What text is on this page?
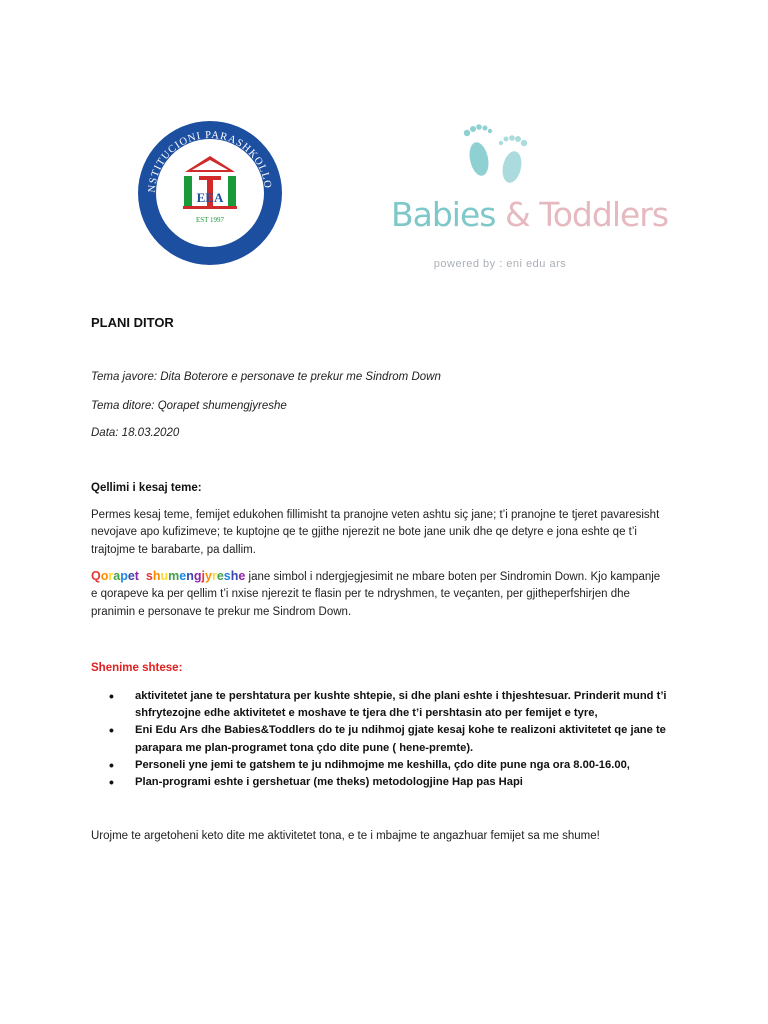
NSTITUCIONI PARASHKOLLO
-PRISHTINE-
EEA
EST 1997	Babies & Toddlers
powered by : eni edu ars
PLANI DITOR
Tema javore: Dita Boterore e personave te prekur me Sindrom Down
Tema ditore: Qorapet shumengjyreshe
Data: 18.03.2020
Qellimi i kesaj teme:
Permes kesaj teme, femijet edukohen fillimisht ta pranojne veten ashtu siç jane; t’i pranojne te tjeret pavaresisht
nevojave apo kufizimeve; te kuptojne qe te gjithe njerezit ne bote jane unik dhe qe detyre e jona eshte qe t’i
trajtojme te barabarte, pa dallim.
Qorapet shumengjyreshe jane simbol i ndergjegjesimit ne mbare boten per Sindromin Down. Kjo kampanje
e qorapeve ka per qellim t’i nxise njerezit te flasin per te ndryshmen, te veçanten, per gjitheperfshirjen dhe
pranimin e personave te prekur me Sindrom Down.
Shenime shtese:
• aktivitetet jane te pershtatura per kushte shtepie, si dhe plani eshte i thjeshtesuar. Prinderit mund t’i shfrytezojne edhe aktivitetet e moshave te tjera dhe t’i pershtasin ato per femijet e tyre,
• Eni Edu Ars dhe Babies&Toddlers do te ju ndihmoj gjate kesaj kohe te realizoni aktivitetet qe jane te parapara me plan-programet tona çdo dite pune ( hene-premte).
• Personeli yne jemi te gatshem te ju ndihmojme me keshilla, çdo dite pune nga ora 8.00-16.00,
• Plan-programi eshte i gershetuar (me theks) metodologjine Hap pas Hapi
Urojme te argetoheni keto dite me aktivitetet tona, e te i mbajme te angazhuar femijet sa me shume!
